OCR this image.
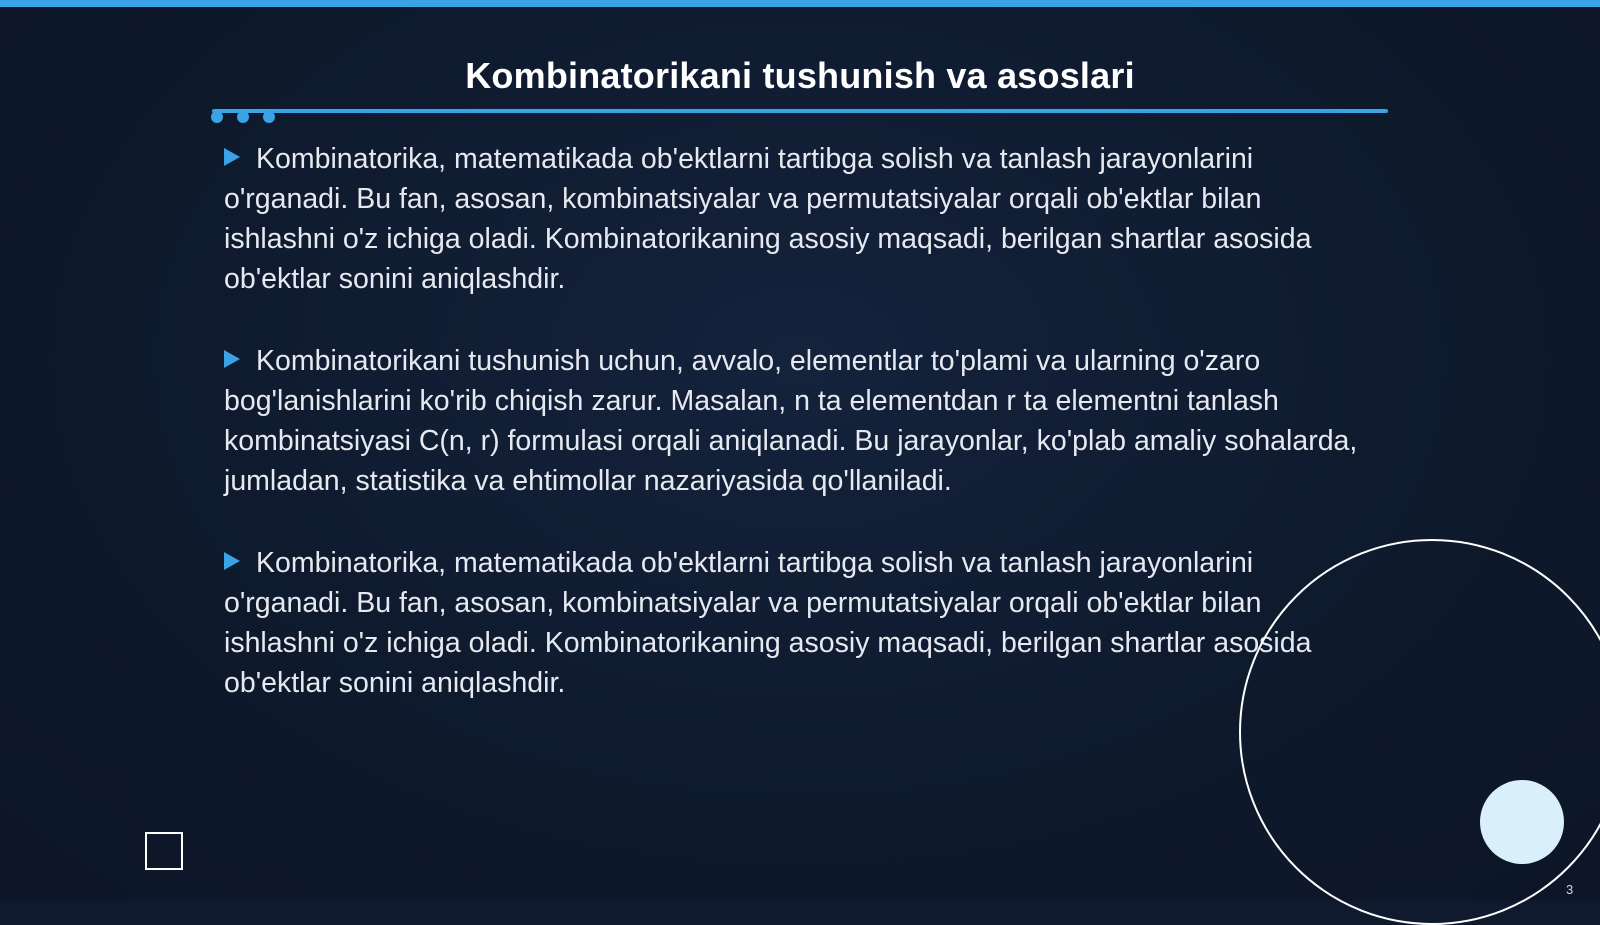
Kombinatorikani tushunish va asoslari

Kombinatorika, matematikada ob'ektlarni tartibga solish va tanlash jarayonlarini o'rganadi. Bu fan, asosan, kombinatsiyalar va permutatsiyalar orqali ob'ektlar bilan ishlashni o'z ichiga oladi. Kombinatorikaning asosiy maqsadi, berilgan shartlar asosida ob'ektlar sonini aniqlashdir.

Kombinatorikani tushunish uchun, avvalo, elementlar to'plami va ularning o'zaro bog'lanishlarini ko'rib chiqish zarur. Masalan, n ta elementdan r ta elementni tanlash kombinatsiyasi C(n, r) formulasi orqali aniqlanadi. Bu jarayonlar, ko'plab amaliy sohalarda, jumladan, statistika va ehtimollar nazariyasida qo'llaniladi.

Kombinatorika, matematikada ob'ektlarni tartibga solish va tanlash jarayonlarini o'rganadi. Bu fan, asosan, kombinatsiyalar va permutatsiyalar orqali ob'ektlar bilan ishlashni o'z ichiga oladi. Kombinatorikaning asosiy maqsadi, berilgan shartlar asosida ob'ektlar sonini aniqlashdir.

3
